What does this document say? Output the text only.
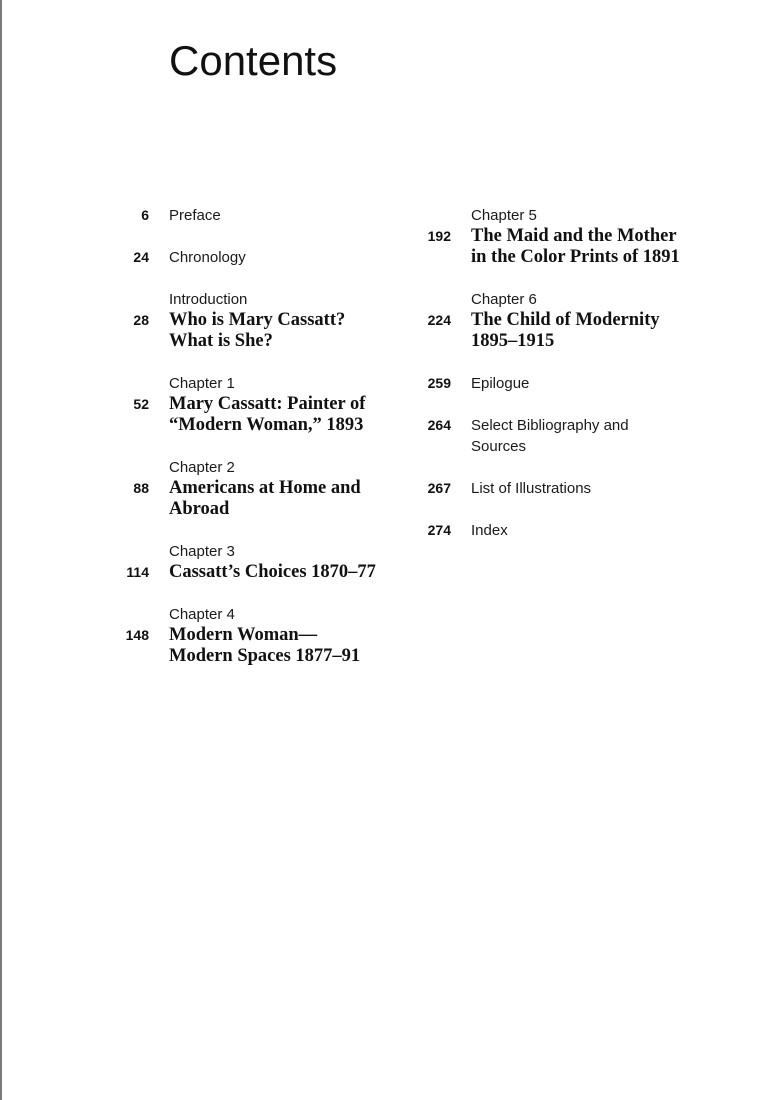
Contents
6 Preface
24 Chronology
28
Introduction
Who is Mary Cassatt?
What is She?
52
Chapter 1
Mary Cassatt: Painter of
“Modern Woman,” 1893
88
Chapter 2
Americans at Home and
Abroad
114
Chapter 3
Cassatt’s Choices 1870–77
148
Chapter 4
Modern Woman—
Modern Spaces 1877–91
192
Chapter 5
The Maid and the Mother
in the Color Prints of 1891
224
Chapter 6
The Child of Modernity
1895–1915
259 Epilogue
264 Select Bibliography and
Sources
267 List of Illustrations
274 Index
